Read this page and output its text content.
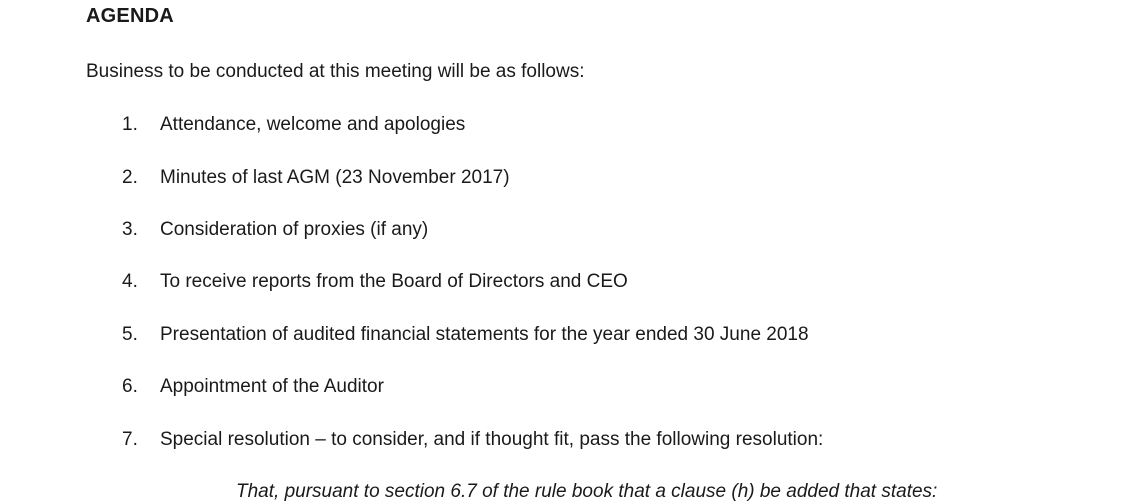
AGENDA
Business to be conducted at this meeting will be as follows:
1.	Attendance, welcome and apologies
2.	Minutes of last AGM (23 November 2017)
3.	Consideration of proxies (if any)
4.	To receive reports from the Board of Directors and CEO
5.	Presentation of audited financial statements for the year ended 30 June 2018
6.	Appointment of the Auditor
7.	Special resolution – to consider, and if thought fit, pass the following resolution:
That, pursuant to section 6.7 of the rule book that a clause (h) be added that states:
